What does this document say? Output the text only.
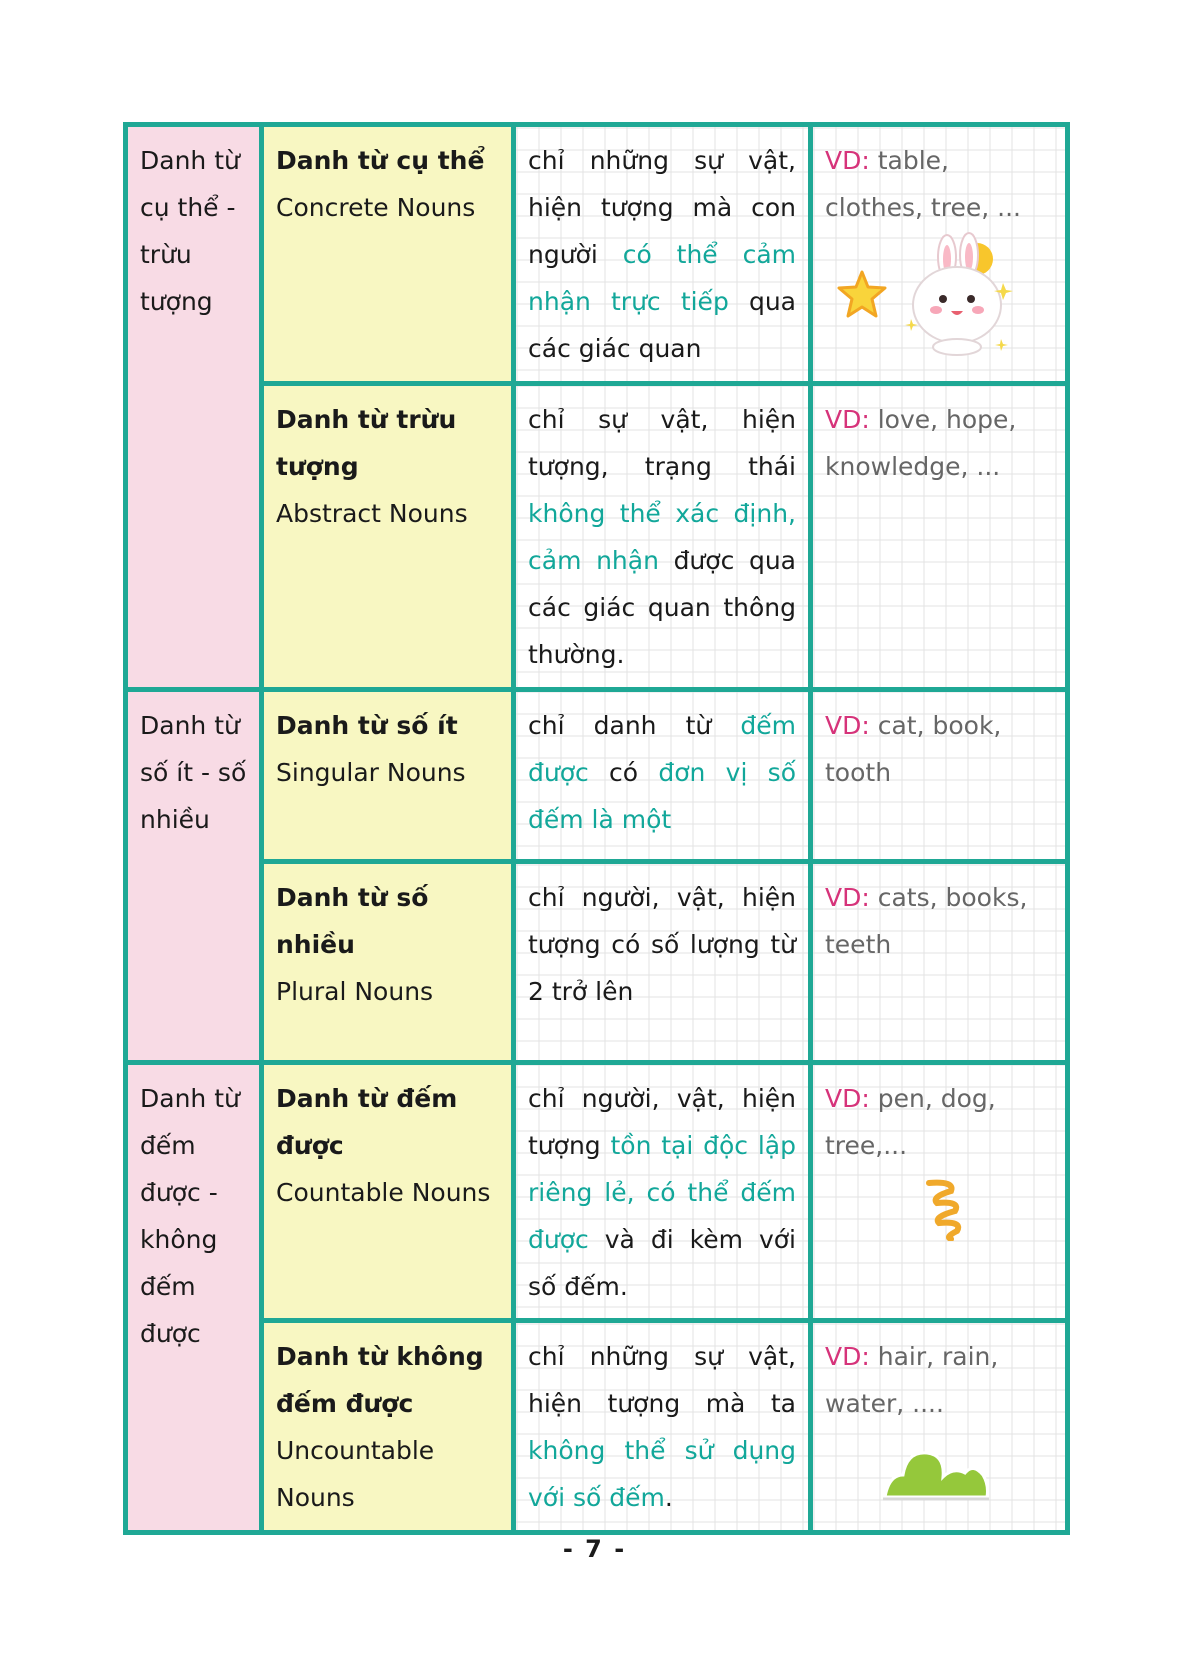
Danh từ cụ thể - trừu tượng	Danh từ cụ thể
Concrete Nouns	chỉ những sự vật, hiện tượng mà con người có thể cảm nhận trực tiếp qua các giác quan	VD: table, clothes, tree, ...

	Danh từ trừu tượng
Abstract Nouns	chỉ sự vật, hiện tượng, trạng thái không thể xác định, cảm nhận được qua các giác quan thông thường.	VD: love, hope, knowledge, ...
Danh từ số ít - số nhiều	Danh từ số ít
Singular Nouns	chỉ danh từ đếm được có đơn vị số đếm là một	VD: cat, book, tooth

	Danh từ số nhiều
Plural Nouns	chỉ người, vật, hiện tượng có số lượng từ 2 trở lên	VD: cats, books, teeth
Danh từ đếm được - không đếm được	Danh từ đếm được
Countable Nouns	chỉ người, vật, hiện tượng tồn tại độc lập riêng lẻ, có thể đếm được và đi kèm với số đếm.	VD: pen, dog, tree,...

	Danh từ không đếm được
Uncountable Nouns	chỉ những sự vật, hiện tượng mà ta không thể sử dụng với số đếm.	VD: hair, rain, water, ....
- 7 -
